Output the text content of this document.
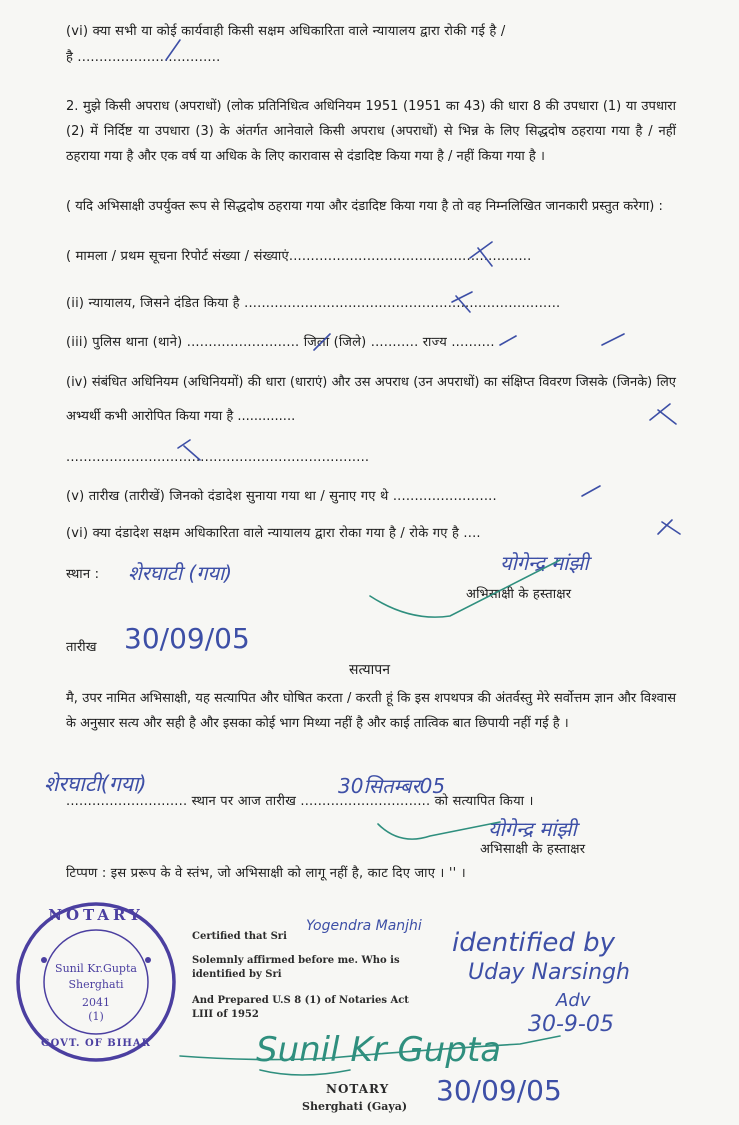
(vi) क्या सभी या कोई कार्यवाही किसी सक्षम अधिकारिता वाले न्यायालय द्वारा रोकी गई है /
है .................................
2. मुझे किसी अपराध (अपराधों) (लोक प्रतिनिधित्व अधिनियम 1951 (1951 का 43) की धारा 8 की उपधारा (1) या उपधारा (2) में निर्दिष्ट या उपधारा (3) के अंतर्गत आनेवाले किसी अपराध (अपराधों) से भिन्न के लिए सिद्धदोष ठहराया गया है / नहीं ठहराया गया है और एक वर्ष या अधिक के लिए कारावास से दंडादिष्ट किया गया है / नहीं किया गया है ।
( यदि अभिसाक्षी उपर्युक्त रूप से सिद्धदोष ठहराया गया और दंडादिष्ट किया गया है तो वह निम्नलिखित जानकारी प्रस्तुत करेगा) :
( मामला / प्रथम सूचना रिपोर्ट संख्या / संख्याएं........................................................
(ii) न्यायालय, जिसने दंडित किया है .........................................................................
(iii) पुलिस थाना (थाने) .......................... जिला (जिले) ........... राज्य ..........
(iv) संबंधित अधिनियम (अधिनियमों) की धारा (धाराएं) और उस अपराध (उन अपराधों) का संक्षिप्त विवरण जिसके (जिनके) लिए अभ्यर्थी कभी आरोपित किया गया है ..............
......................................................................
(v) तारीख (तारीखें) जिनको दंडादेश सुनाया गया था / सुनाए गए थे ........................
(vi) क्या दंडादेश सक्षम अधिकारिता वाले न्यायालय द्वारा रोका गया है / रोके गए है ....
स्थान : शेरघाटी (गया)	योगेन्द्र मांझी
अभिसाक्षी के हस्ताक्षर
तारीख 30/09/05
सत्यापन
मै, उपर नामित अभिसाक्षी, यह सत्यापित और घोषित करता / करती हूं कि इस शपथपत्र की अंतर्वस्तु मेरे सर्वोत्तम ज्ञान और विश्वास के अनुसार सत्य और सही है और इसका कोई भाग मिथ्या नहीं है और काई तात्विक बात छिपायी नहीं गई है ।
............................ स्थान पर आज तारीख .............................. को सत्यापित किया ।
शेरघाटी(गया)	30सितम्बर05
योगेन्द्र मांझी
अभिसाक्षी के हस्ताक्षर
टिप्पण : इस प्ररूप के वे स्तंभ, जो अभिसाक्षी को लागू नहीं है, काट दिए जाए । '' ।
NOTARY
Sunil Kr.Gupta
Sherghati
2041
(1)
GOVT. OF BIHAR
Certified that Sri
Solemnly affirmed before me. Who is
identified by Sri
And Prepared U.S 8 (1) of Notaries Act
LIII of 1952
NOTARY
Sherghati (Gaya)
Yogendra Manjhi
identified by
Uday Narsingh
Adv
30-9-05
Sunil Kr Gupta
30/09/05
